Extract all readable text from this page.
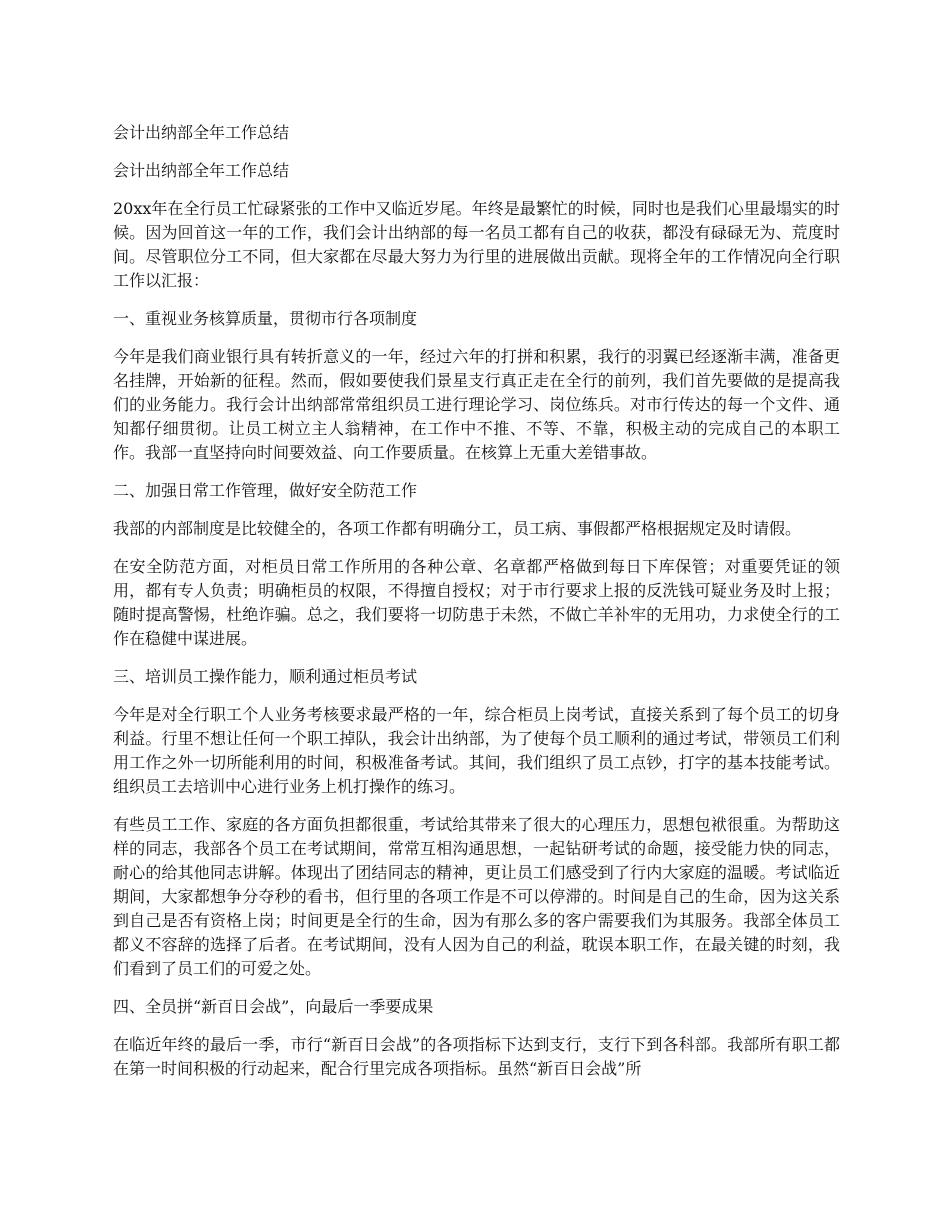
会计出纳部全年工作总结
会计出纳部全年工作总结
20xx年在全行员工忙碌紧张的工作中又临近岁尾。年终是最繁忙的时候，同时也是我们心里最塌实的时候。因为回首这一年的工作，我们会计出纳部的每一名员工都有自己的收获，都没有碌碌无为、荒度时间。尽管职位分工不同，但大家都在尽最大努力为行里的进展做出贡献。现将全年的工作情况向全行职工作以汇报：
一、重视业务核算质量，贯彻市行各项制度
今年是我们商业银行具有转折意义的一年，经过六年的打拼和积累，我行的羽翼已经逐渐丰满，准备更名挂牌，开始新的征程。然而，假如要使我们景星支行真正走在全行的前列，我们首先要做的是提高我们的业务能力。我行会计出纳部常常组织员工进行理论学习、岗位练兵。对市行传达的每一个文件、通知都仔细贯彻。让员工树立主人翁精神，在工作中不推、不等、不靠，积极主动的完成自己的本职工作。我部一直坚持向时间要效益、向工作要质量。在核算上无重大差错事故。
二、加强日常工作管理，做好安全防范工作
我部的内部制度是比较健全的，各项工作都有明确分工，员工病、事假都严格根据规定及时请假。
在安全防范方面，对柜员日常工作所用的各种公章、名章都严格做到每日下库保管；对重要凭证的领用，都有专人负责；明确柜员的权限，不得擅自授权；对于市行要求上报的反洗钱可疑业务及时上报；随时提高警惕，杜绝诈骗。总之，我们要将一切防患于未然，不做亡羊补牢的无用功，力求使全行的工作在稳健中谋进展。
三、培训员工操作能力，顺利通过柜员考试
今年是对全行职工个人业务考核要求最严格的一年，综合柜员上岗考试，直接关系到了每个员工的切身利益。行里不想让任何一个职工掉队，我会计出纳部，为了使每个员工顺利的通过考试，带领员工们利用工作之外一切所能利用的时间，积极准备考试。其间，我们组织了员工点钞，打字的基本技能考试。组织员工去培训中心进行业务上机打操作的练习。
有些员工工作、家庭的各方面负担都很重，考试给其带来了很大的心理压力，思想包袱很重。为帮助这样的同志，我部各个员工在考试期间，常常互相沟通思想，一起钻研考试的命题，接受能力快的同志，耐心的给其他同志讲解。体现出了团结同志的精神，更让员工们感受到了行内大家庭的温暖。考试临近期间，大家都想争分夺秒的看书，但行里的各项工作是不可以停滞的。时间是自己的生命，因为这关系到自己是否有资格上岗；时间更是全行的生命，因为有那么多的客户需要我们为其服务。我部全体员工都义不容辞的选择了后者。在考试期间，没有人因为自己的利益，耽误本职工作，在最关键的时刻，我们看到了员工们的可爱之处。
四、全员拼“新百日会战”，向最后一季要成果
在临近年终的最后一季，市行“新百日会战”的各项指标下达到支行，支行下到各科部。我部所有职工都在第一时间积极的行动起来，配合行里完成各项指标。虽然“新百日会战”所
